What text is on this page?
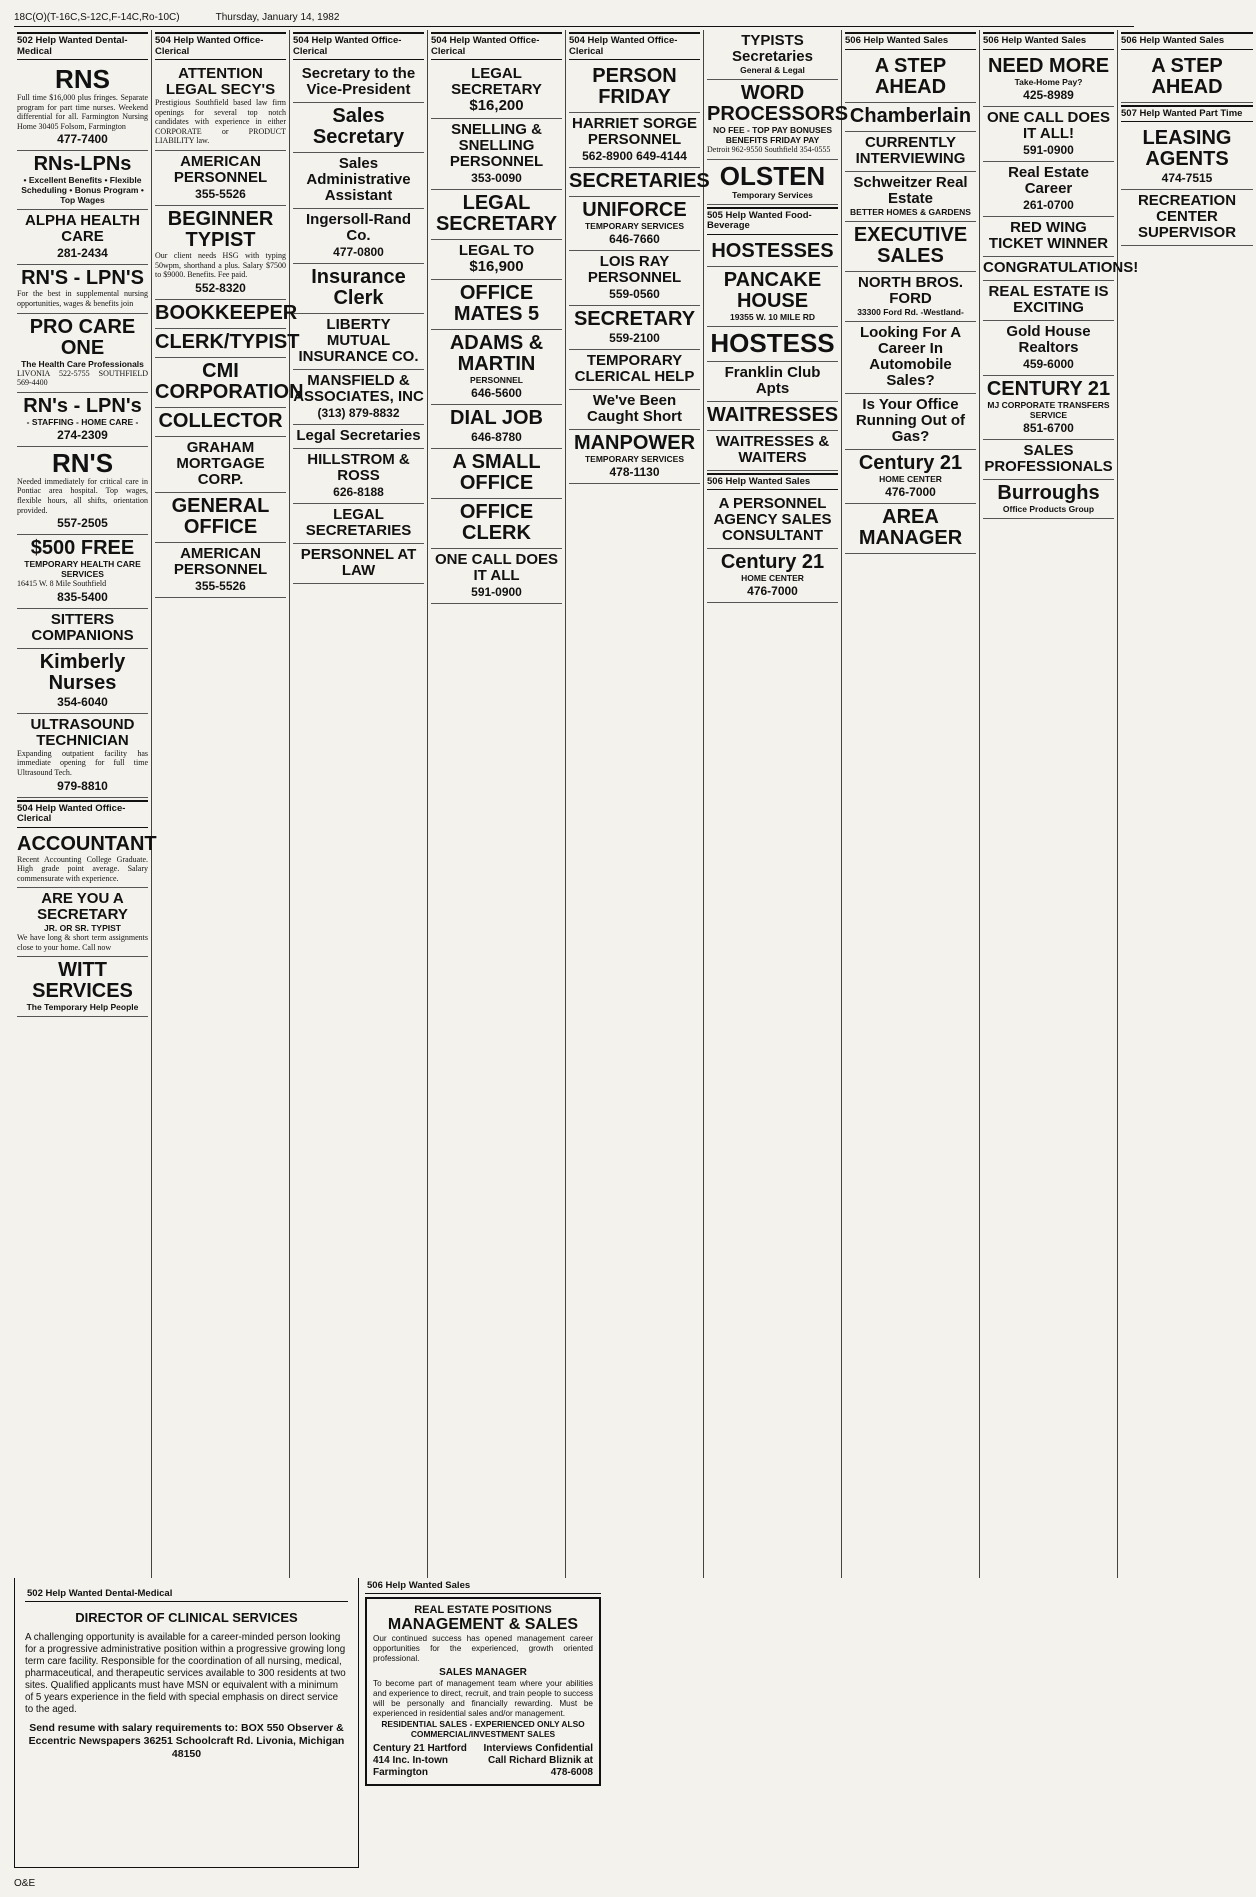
18C(O)(T-16C,S-12C,F-14C,Ro-10C)	Thursday, January 14, 1982
502 Help Wanted Dental-Medical
RNS
Full time $16,000 plus fringes. Separate program for part time nurses. Weekend differential for all. Farmington Nursing Home 30405 Folsom, Farmington
477-7400
RNs-LPNs
• Excellent Benefits • Flexible Scheduling • Bonus Program • Top Wages
ALPHA HEALTH CARE
281-2434
RN'S - LPN'S
For the best in supplemental nursing opportunities, wages & benefits join
PRO CARE ONE
The Health Care Professionals
LIVONIA 522-5755 SOUTHFIELD 569-4400
RN's - LPN's
- STAFFING - HOME CARE -
274-2309
RN'S
Needed immediately for critical care in Pontiac area hospital. Top wages, flexible hours, all shifts, orientation provided.
557-2505
$500 FREE
TEMPORARY HEALTH CARE SERVICES
16415 W. 8 Mile Southfield
835-5400
SITTERS COMPANIONS
Kimberly Nurses
354-6040
ULTRASOUND TECHNICIAN
Expanding outpatient facility has immediate opening for full time Ultrasound Tech.
979-8810
504 Help Wanted Office-Clerical
ACCOUNTANT
Recent Accounting College Graduate. High grade point average. Salary commensurate with experience.
ARE YOU A SECRETARY
JR. OR SR. TYPIST
We have long & short term assignments close to your home. Call now
WITT SERVICES
The Temporary Help People
504 Help Wanted Office-Clerical
ATTENTION LEGAL SECY'S
Prestigious Southfield based law firm openings for several top notch candidates with experience in either CORPORATE or PRODUCT LIABILITY law.
AMERICAN PERSONNEL
355-5526
BEGINNER TYPIST
Our client needs HSG with typing 50wpm, shorthand a plus. Salary $7500 to $9000. Benefits. Fee paid.
552-8320
BOOKKEEPER
CLERK/TYPIST
CMI CORPORATION
COLLECTOR
GRAHAM MORTGAGE CORP.
GENERAL OFFICE
AMERICAN PERSONNEL
355-5526
504 Help Wanted Office-Clerical
Secretary to the Vice-President
Sales Secretary
Sales Administrative Assistant
Ingersoll-Rand Co.
477-0800
Insurance Clerk
LIBERTY MUTUAL INSURANCE CO.
MANSFIELD & ASSOCIATES, INC
(313) 879-8832
Legal Secretaries
HILLSTROM & ROSS
626-8188
LEGAL SECRETARIES
PERSONNEL AT LAW
504 Help Wanted Office-Clerical
LEGAL SECRETARY $16,200
SNELLING & SNELLING PERSONNEL
353-0090
LEGAL SECRETARY
LEGAL TO $16,900
OFFICE MATES 5
ADAMS & MARTIN
PERSONNEL
646-5600
DIAL JOB
646-8780
A SMALL OFFICE
OFFICE CLERK
ONE CALL DOES IT ALL
591-0900
504 Help Wanted Office-Clerical
PERSON FRIDAY
HARRIET SORGE PERSONNEL
562-8900 649-4144
SECRETARIES
UNIFORCE
TEMPORARY SERVICES
646-7660
LOIS RAY PERSONNEL
559-0560
SECRETARY
559-2100
TEMPORARY CLERICAL HELP
We've Been Caught Short
MANPOWER
TEMPORARY SERVICES
478-1130
TYPISTS Secretaries
General & Legal
WORD PROCESSORS
NO FEE - TOP PAY BONUSES BENEFITS FRIDAY PAY
Detroit 962-9550 Southfield 354-0555
OLSTEN
Temporary Services
505 Help Wanted Food-Beverage
HOSTESSES
PANCAKE HOUSE
19355 W. 10 MILE RD
HOSTESS
Franklin Club Apts
WAITRESSES
WAITRESSES & WAITERS
506 Help Wanted Sales
A PERSONNEL AGENCY SALES CONSULTANT
Century 21
HOME CENTER
476-7000
506 Help Wanted Sales
A STEP AHEAD
Chamberlain
CURRENTLY INTERVIEWING
Schweitzer Real Estate
BETTER HOMES & GARDENS
EXECUTIVE SALES
NORTH BROS. FORD
33300 Ford Rd. -Westland-
Looking For A Career In Automobile Sales?
Is Your Office Running Out of Gas?
Century 21
HOME CENTER
476-7000
AREA MANAGER
506 Help Wanted Sales
NEED MORE
Take-Home Pay?
425-8989
ONE CALL DOES IT ALL!
591-0900
Real Estate Career
261-0700
RED WING TICKET WINNER
CONGRATULATIONS!
REAL ESTATE IS EXCITING
Gold House Realtors
459-6000
CENTURY 21
MJ CORPORATE TRANSFERS SERVICE
851-6700
SALES PROFESSIONALS
Burroughs
Office Products Group
506 Help Wanted Sales
A STEP AHEAD
507 Help Wanted Part Time
LEASING AGENTS
474-7515
RECREATION CENTER SUPERVISOR
502 Help Wanted Dental-Medical
DIRECTOR OF CLINICAL SERVICES
A challenging opportunity is available for a career-minded person looking for a progressive administrative position within a progressive growing long term care facility. Responsible for the coordination of all nursing, medical, pharmaceutical, and therapeutic services available to 300 residents at two sites. Qualified applicants must have MSN or equivalent with a minimum of 5 years experience in the field with special emphasis on direct service to the aged.
Send resume with salary requirements to: BOX 550 Observer & Eccentric Newspapers 36251 Schoolcraft Rd. Livonia, Michigan 48150
506 Help Wanted Sales
REAL ESTATE POSITIONS
MANAGEMENT & SALES
Our continued success has opened management career opportunities for the experienced, growth oriented professional.
SALES MANAGER
To become part of management team where your abilities and experience to direct, recruit, and train people to success will be personally and financially rewarding. Must be experienced in residential sales and/or management.
RESIDENTIAL SALES - EXPERIENCED ONLY ALSO COMMERCIAL/INVESTMENT SALES
Century 21 Hartford 414 Inc. In-town Farmington
Interviews Confidential Call Richard Bliznik at 478-6008
O&E
